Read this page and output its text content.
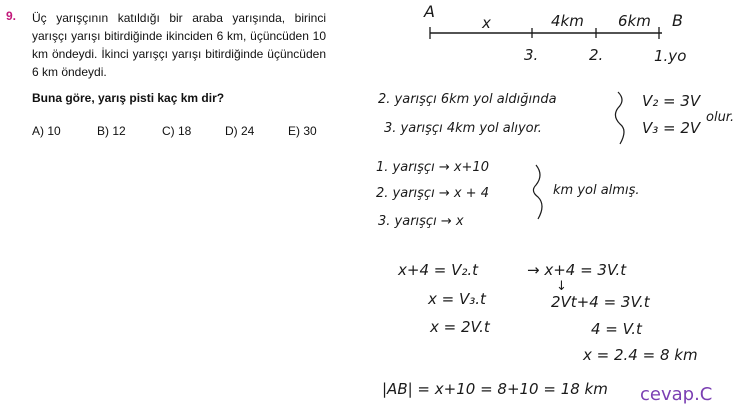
9. Üç yarışçının katıldığı bir araba yarışında, birinci yarışçı yarışı bitirdiğinde ikinciden 6 km, üçüncüden 10 km öndeydi. İkinci yarışçı yarışı bitirdiğinde üçüncüden 6 km öndeydi.
Buna göre, yarış pisti kaç km dir?
A) 10	B) 12	C) 18	D) 24	E) 30
A
x	4km 6km B
3.	2.	1.yo
2. yarışçı 6km yol aldığında
3. yarışçı 4km yol alıyor.
V₂ = 3V
V₃ = 2V
olur.
1. yarışçı → x+10
2. yarışçı → x + 4
3. yarışçı → x
km yol almış.
x+4 = V₂.t
x = V₃.t
x = 2V.t
→ x+4 = 3V.t
↓
2Vt+4 = 3V.t
4 = V.t
x = 2.4 = 8 km
|AB| = x+10 = 8+10 = 18 km cevap.C
